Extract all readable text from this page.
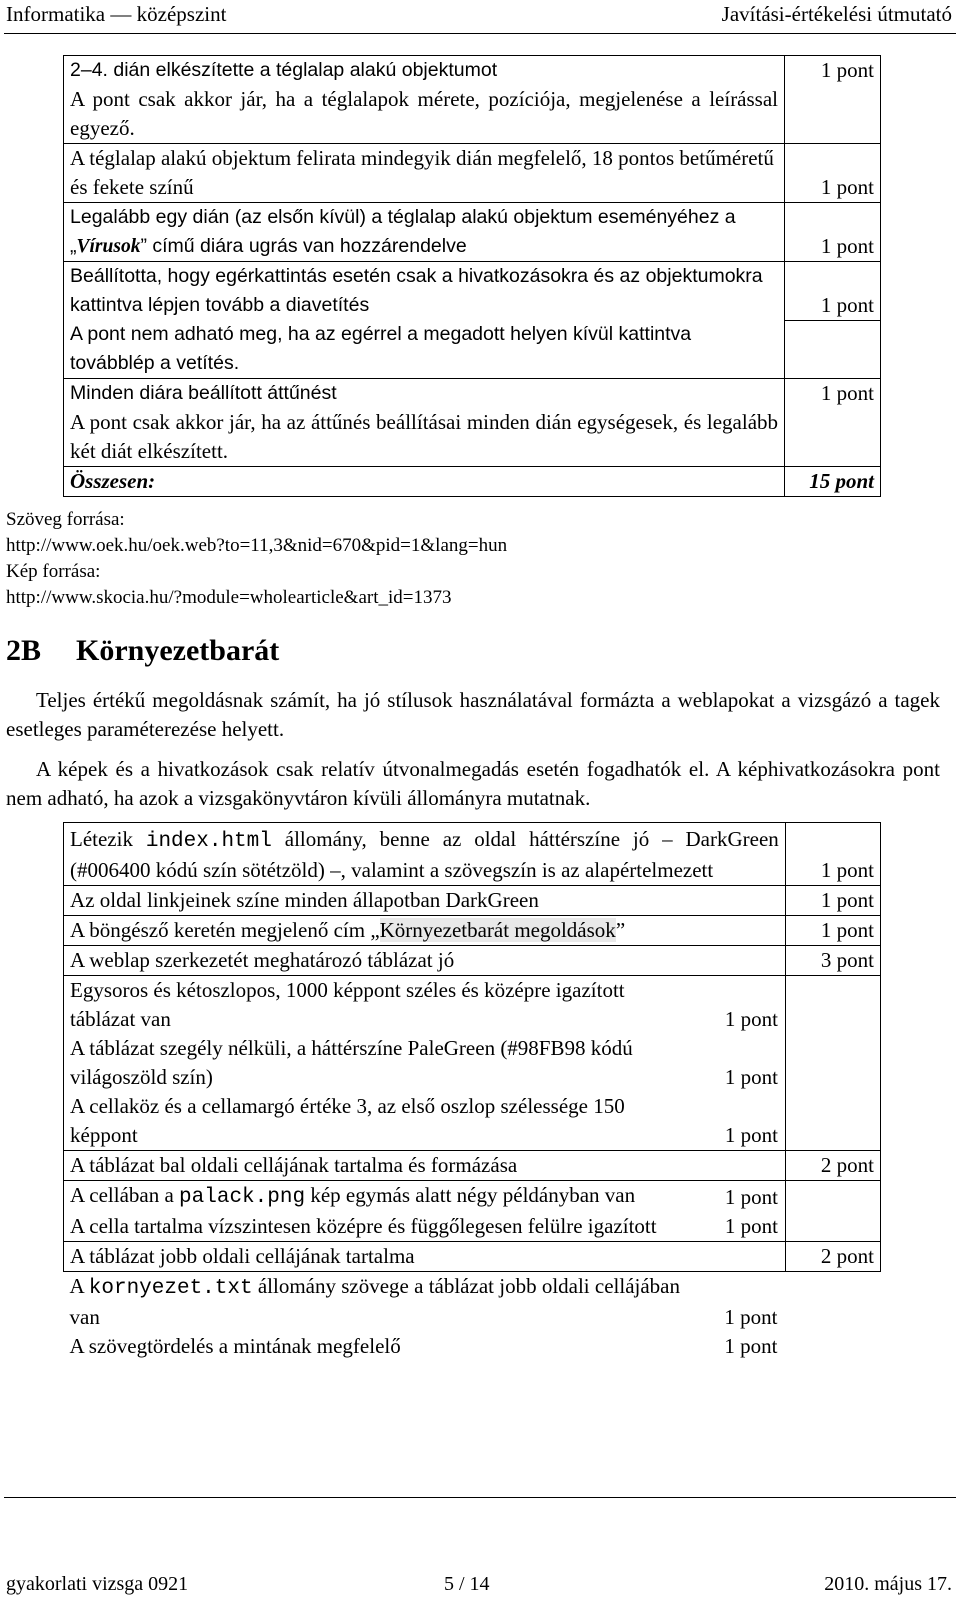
Informatika — középszint	Javítási-értékelési útmutató
2–4. dián elkészítette a téglalap alakú objektumot
A pont csak akkor jár, ha a téglalapok mérete, pozíciója, megjelenése a leírással egyező.	1 pont
A téglalap alakú objektum felirata mindegyik dián megfelelő, 18 pontos betűméretű és fekete színű	1 pont
Legalább egy dián (az elsőn kívül) a téglalap alakú objektum eseményéhez a „Vírusok” című diára ugrás van hozzárendelve	1 pont

Beállította, hogy egérkattintás esetén csak a hivatkozásokra és az objektumokra kattintva lépjen tovább a diavetítés	1 pont
A pont nem adható meg, ha az egérrel a megadott helyen kívül kattintva továbblép a vetítés.	

Minden diára beállított áttűnést
A pont csak akkor jár, ha az áttűnés beállításai minden dián egységesek, és legalább két diát elkészített.	1 pont
Összesen:	15 pont
Szöveg forrása:
http://www.oek.hu/oek.web?to=11,3&nid=670&pid=1&lang=hun
Kép forrása:
http://www.skocia.hu/?module=wholearticle&art_id=1373
2B Környezetbarát
Teljes értékű megoldásnak számít, ha jó stílusok használatával formázta a weblapokat a vizsgázó a tagek esetleges paraméterezése helyett.
A képek és a hivatkozások csak relatív útvonalmegadás esetén fogadhatók el. A képhivatkozásokra pont nem adható, ha azok a vizsgakönyvtáron kívüli állományra mutatnak.
Létezik index.html állomány, benne az oldal háttérszíne jó – DarkGreen (#006400 kódú szín sötétzöld) –, valamint a szövegszín is az alapértelmezett	1 pont
Az oldal linkjeinek színe minden állapotban DarkGreen	1 pont
A böngésző keretén megjelenő cím „Környezetbarát megoldások”	1 pont
A weblap szerkezetét meghatározó táblázat jó	3 pont

Egysoros és kétoszlopos, 1000 képpont széles és középre igazított táblázat van	1 pont
A táblázat szegély nélküli, a háttérszíne PaleGreen (#98FB98 kódú világoszöld szín)	1 pont
A cellaköz és a cellamargó értéke 3, az első oszlop szélessége 150 képpont	1 pont

A táblázat bal oldali cellájának tartalma és formázása	2 pont

A cellában a palack.png kép egymás alatt négy példányban van	1 pont
A cella tartalma vízszintesen középre és függőlegesen felülre igazított	1 pont

A táblázat jobb oldali cellájának tartalma	2 pont

A kornyezet.txt állomány szövege a táblázat jobb oldali cellájában van	1 pont
A szövegtördelés a mintának megfelelő	1 pont

gyakorlati vizsga 0921	5 / 14	2010. május 17.
